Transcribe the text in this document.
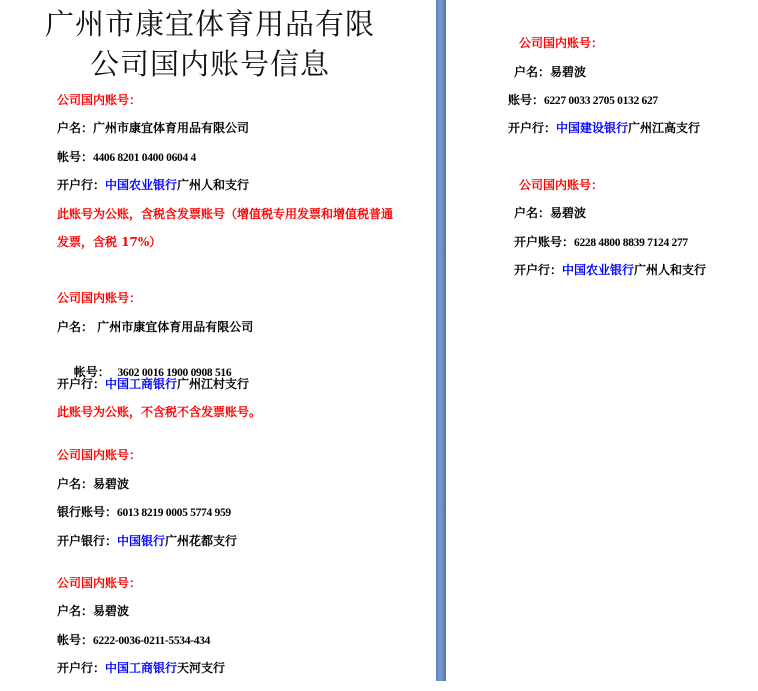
广州市康宜体育用品有限
公司国内账号信息
公司国内账号：
户名：广州市康宜体育用品有限公司
帐号：4406 8201 0400 0604 4
开户行：中国农业银行广州人和支行
此账号为公账，含税含发票账号（增值税专用发票和增值税普通
发票，含税 17%）
公司国内账号：
户名： 广州市康宜体育用品有限公司

帐号：   3602 0016 1900 0908 516

开户行：中国工商银行广州江村支行
此账号为公账，不含税不含发票账号。
公司国内账号：
户名：易碧波
银行账号：6013 8219 0005 5774 959
开户银行：中国银行广州花都支行
公司国内账号：
户名：易碧波
帐号：6222-0036-0211-5534-434
开户行：中国工商银行天河支行
公司国内账号：
户名：易碧波
账号：6227 0033 2705 0132 627
开户行：中国建设银行广州江高支行
公司国内账号：
户名：易碧波
开户账号：6228 4800 8839 7124 277
开户行：中国农业银行广州人和支行
